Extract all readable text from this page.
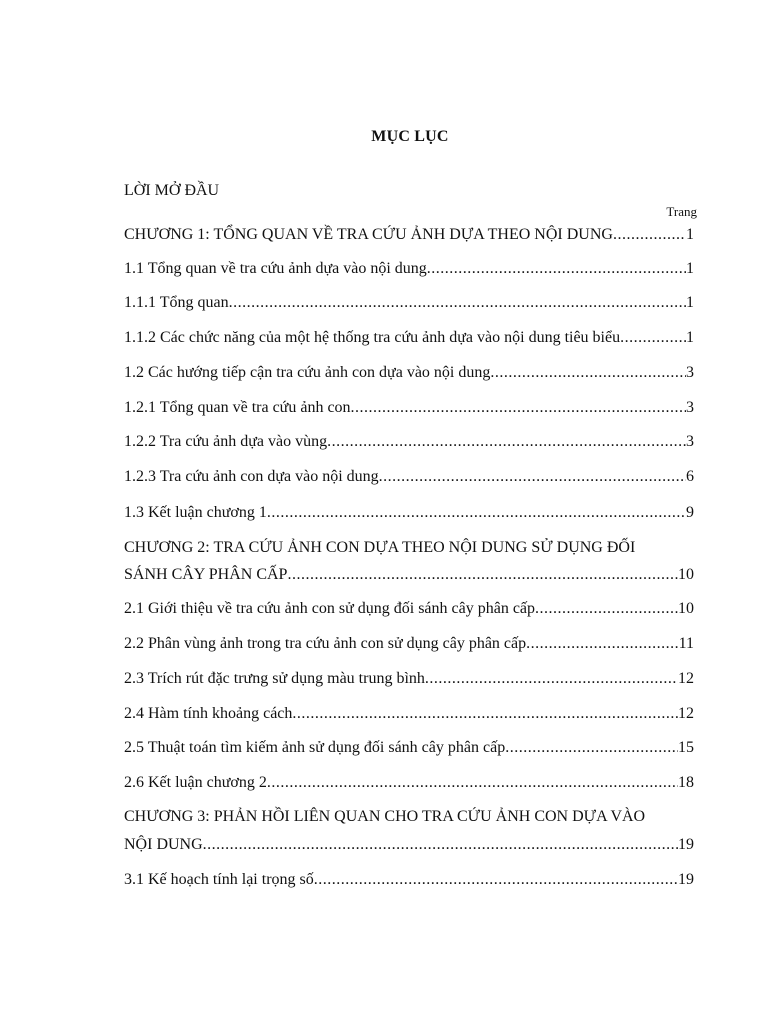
MỤC LỤC
LỜI MỞ ĐẦU
Trang
CHƯƠNG 1: TỔNG QUAN VỀ TRA CỨU ẢNH DỰA THEO NỘI DUNG .....	1
1.1 Tổng quan về tra cứu ảnh dựa vào nội dung .....	1
1.1.1 Tổng quan .....	1
1.1.2 Các chức năng của một hệ thống tra cứu ảnh dựa vào nội dung tiêu biểu .....	1
1.2 Các hướng tiếp cận tra cứu ảnh con dựa vào nội dung .....	3
1.2.1 Tổng quan về tra cứu ảnh con .....	3
1.2.2 Tra cứu ảnh dựa vào vùng .....	3
1.2.3 Tra cứu ảnh con dựa vào nội dung .....	6
1.3 Kết luận chương 1 .....	9
CHƯƠNG 2: TRA CỨU ẢNH CON DỰA THEO NỘI DUNG SỬ DỤNG ĐỐI
SÁNH CÂY PHÂN CẤP .....	10
2.1 Giới thiệu về tra cứu ảnh con sử dụng đối sánh cây phân cấp .....	10
2.2 Phân vùng ảnh trong tra cứu ảnh con sử dụng cây phân cấp .....	11
2.3 Trích rút đặc trưng sử dụng màu trung bình .....	12
2.4 Hàm tính khoảng cách .....	12
2.5 Thuật toán tìm kiếm ảnh sử dụng đối sánh cây phân cấp .....	15
2.6 Kết luận chương 2 .....	18
CHƯƠNG 3: PHẢN HỒI LIÊN QUAN CHO TRA CỨU ẢNH CON DỰA VÀO
NỘI DUNG .....	19
3.1 Kế hoạch tính lại trọng số .....	19
